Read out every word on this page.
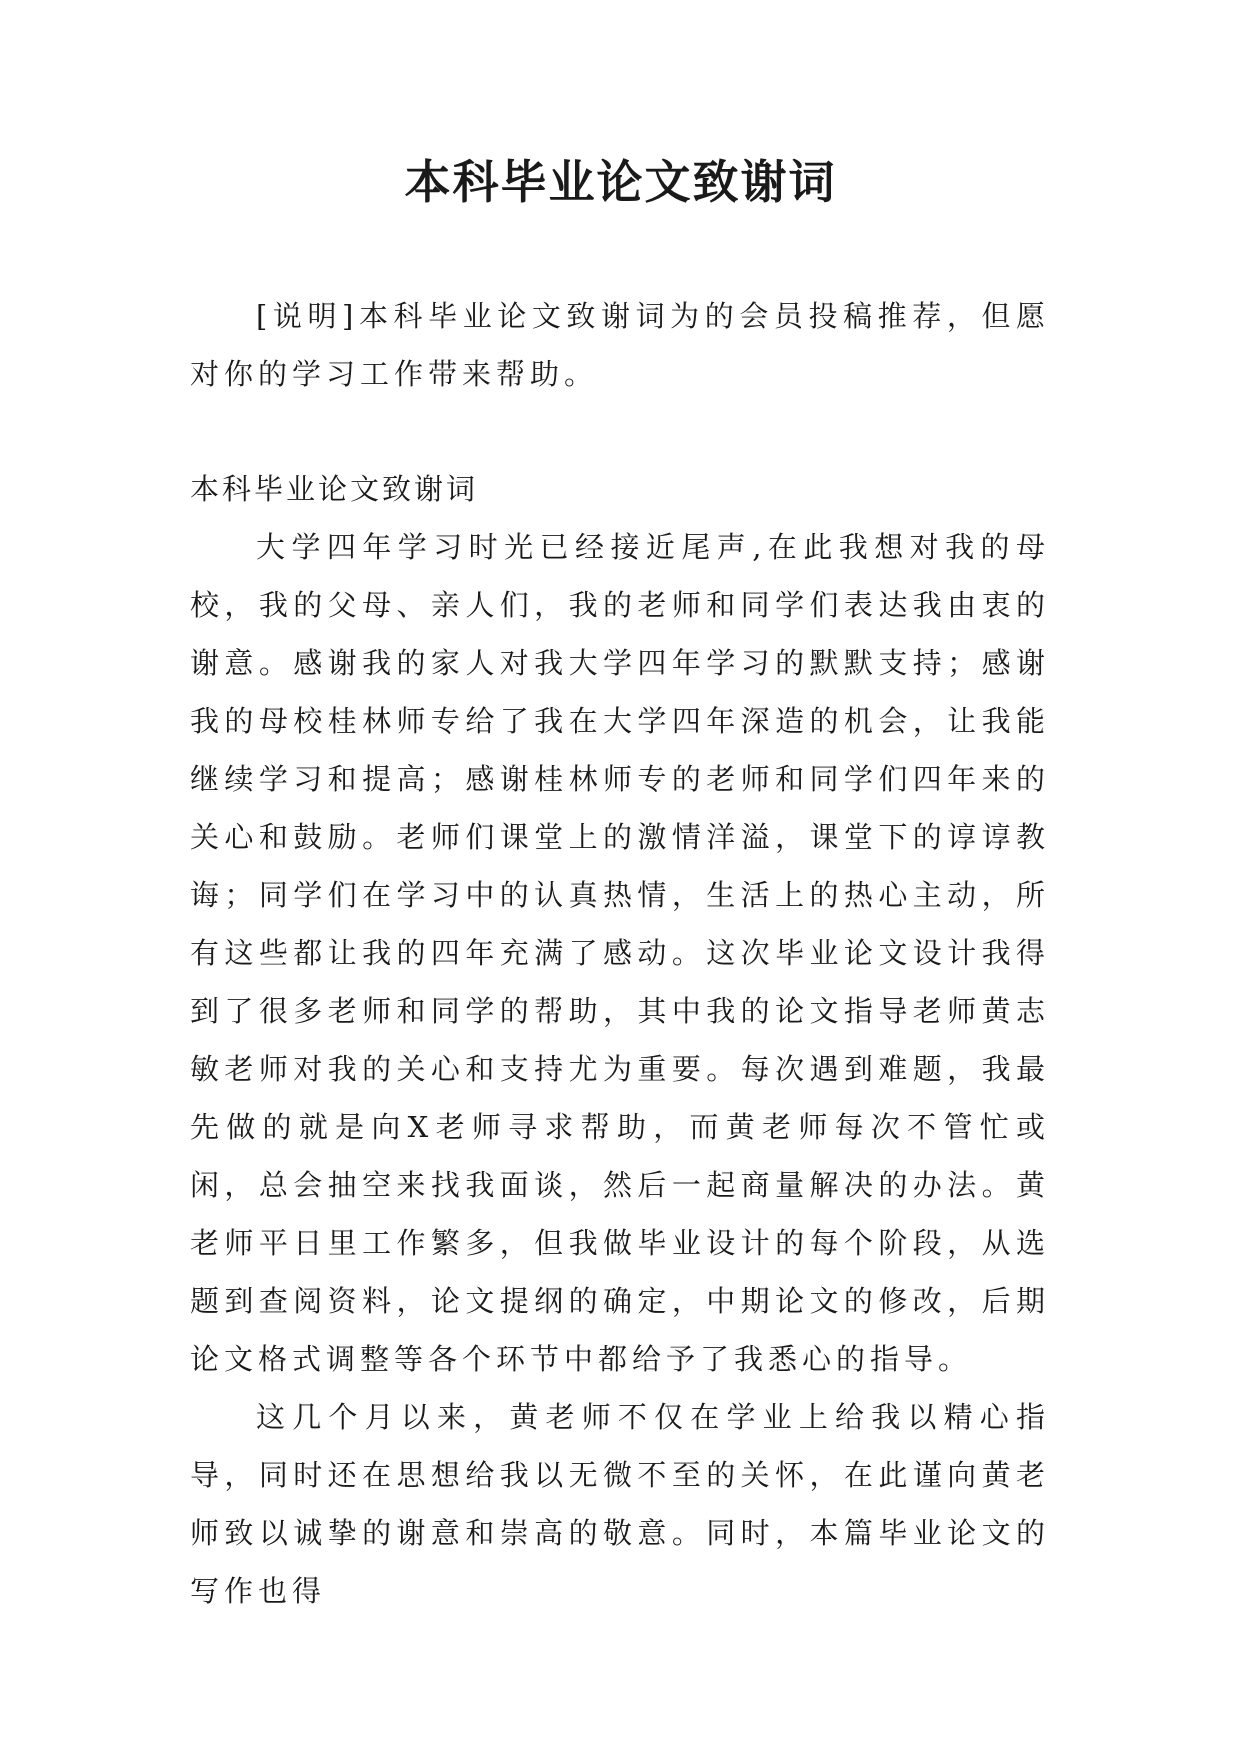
本科毕业论文致谢词

[说明]本科毕业论文致谢词为的会员投稿推荐，但愿对你的学习工作带来帮助。

本科毕业论文致谢词

大学四年学习时光已经接近尾声,在此我想对我的母校，我的父母、亲人们，我的老师和同学们表达我由衷的谢意。感谢我的家人对我大学四年学习的默默支持；感谢我的母校桂林师专给了我在大学四年深造的机会，让我能继续学习和提高；感谢桂林师专的老师和同学们四年来的关心和鼓励。老师们课堂上的激情洋溢，课堂下的谆谆教诲；同学们在学习中的认真热情，生活上的热心主动，所有这些都让我的四年充满了感动。这次毕业论文设计我得到了很多老师和同学的帮助，其中我的论文指导老师黄志敏老师对我的关心和支持尤为重要。每次遇到难题，我最先做的就是向X老师寻求帮助，而黄老师每次不管忙或闲，总会抽空来找我面谈，然后一起商量解决的办法。黄老师平日里工作繁多，但我做毕业设计的每个阶段，从选题到查阅资料，论文提纲的确定，中期论文的修改，后期论文格式调整等各个环节中都给予了我悉心的指导。

这几个月以来，黄老师不仅在学业上给我以精心指导，同时还在思想给我以无微不至的关怀，在此谨向黄老师致以诚挚的谢意和崇高的敬意。同时，本篇毕业论文的写作也得
